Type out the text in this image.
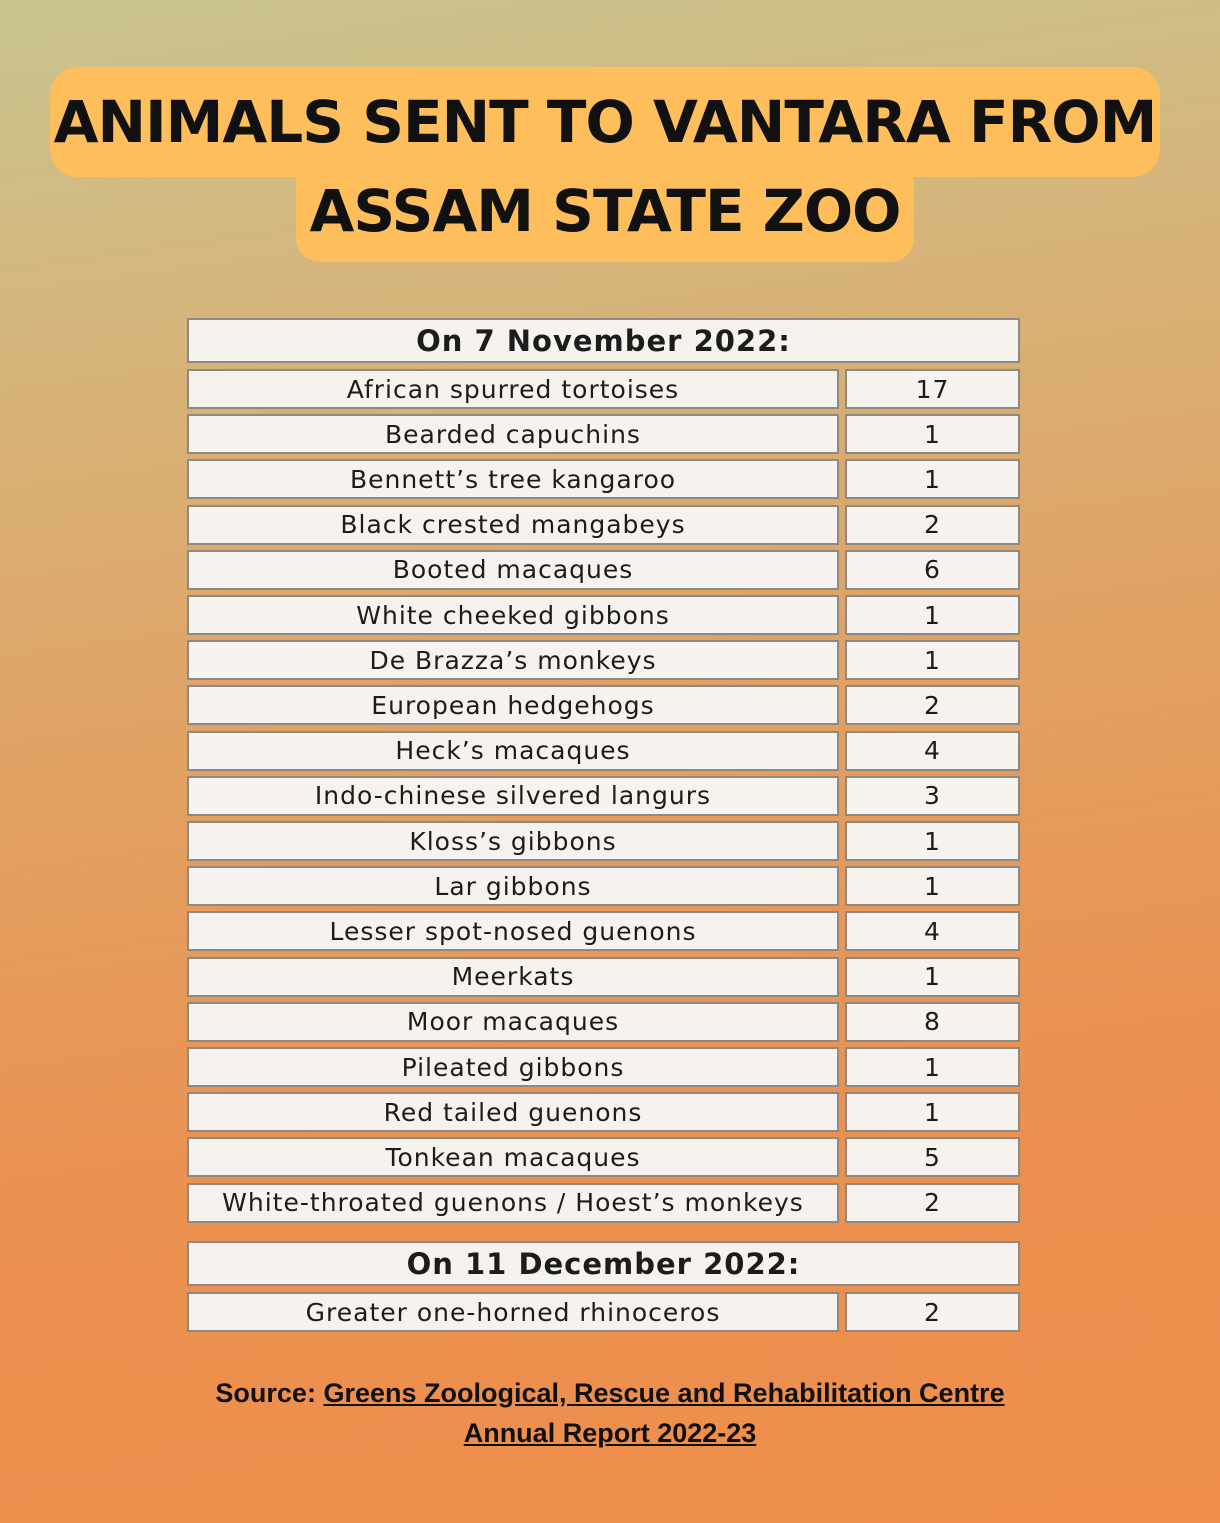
ANIMALS SENT TO VANTARA FROM
ASSAM STATE ZOO
On 7 November 2022:
African spurred tortoises	17
Bearded capuchins	1
Bennett’s tree kangaroo	1
Black crested mangabeys	2
Booted macaques	6
White cheeked gibbons	1
De Brazza’s monkeys	1
European hedgehogs	2
Heck’s macaques	4
Indo-chinese silvered langurs	3
Kloss’s gibbons	1
Lar gibbons	1
Lesser spot-nosed guenons	4
Meerkats	1
Moor macaques	8
Pileated gibbons	1
Red tailed guenons	1
Tonkean macaques	5
White-throated guenons / Hoest’s monkeys	2
On 11 December 2022:
Greater one-horned rhinoceros	2
Source: Greens Zoological, Rescue and Rehabilitation Centre
Annual Report 2022-23
